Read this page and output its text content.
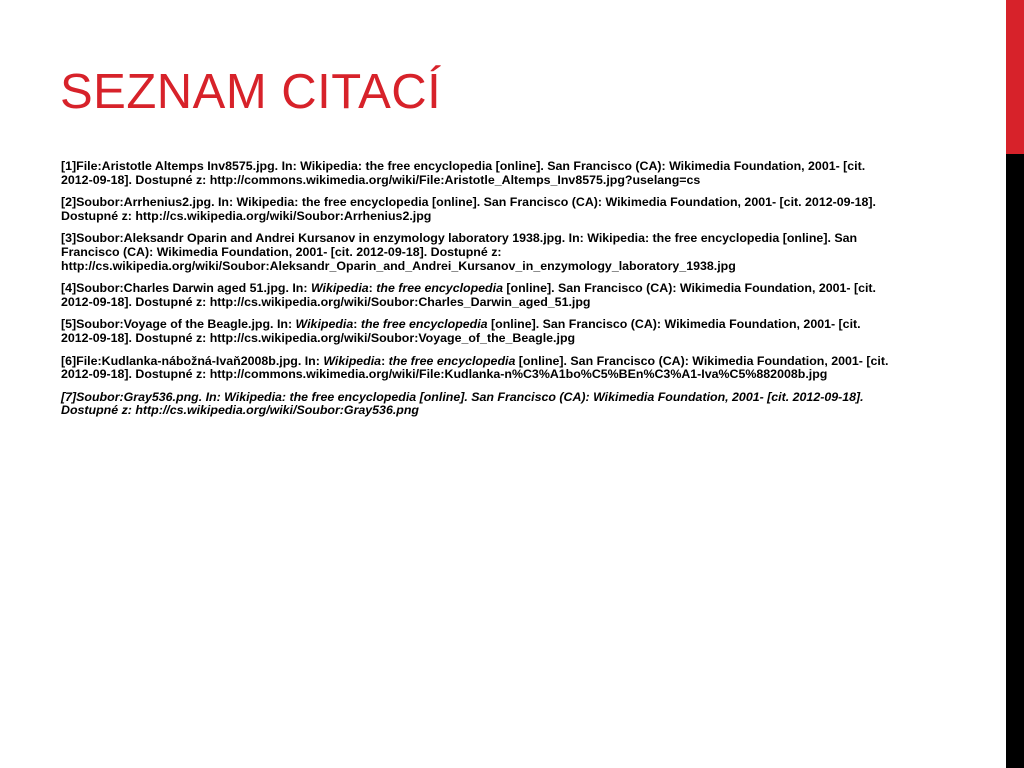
SEZNAM CITACÍ

[1]File:Aristotle Altemps Inv8575.jpg. In: Wikipedia: the free encyclopedia [online]. San Francisco (CA): Wikimedia Foundation, 2001- [cit. 2012-09-18]. Dostupné z: http://commons.wikimedia.org/wiki/File:Aristotle_Altemps_Inv8575.jpg?uselang=cs

[2]Soubor:Arrhenius2.jpg. In: Wikipedia: the free encyclopedia [online]. San Francisco (CA): Wikimedia Foundation, 2001- [cit. 2012-09-18]. Dostupné z: http://cs.wikipedia.org/wiki/Soubor:Arrhenius2.jpg

[3]Soubor:Aleksandr Oparin and Andrei Kursanov in enzymology laboratory 1938.jpg. In: Wikipedia: the free encyclopedia [online]. San Francisco (CA): Wikimedia Foundation, 2001- [cit. 2012-09-18]. Dostupné z: http://cs.wikipedia.org/wiki/Soubor:Aleksandr_Oparin_and_Andrei_Kursanov_in_enzymology_laboratory_1938.jpg

[4]Soubor:Charles Darwin aged 51.jpg. In: Wikipedia: the free encyclopedia [online]. San Francisco (CA): Wikimedia Foundation, 2001- [cit. 2012-09-18]. Dostupné z: http://cs.wikipedia.org/wiki/Soubor:Charles_Darwin_aged_51.jpg

[5]Soubor:Voyage of the Beagle.jpg. In: Wikipedia: the free encyclopedia [online]. San Francisco (CA): Wikimedia Foundation, 2001- [cit. 2012-09-18]. Dostupné z: http://cs.wikipedia.org/wiki/Soubor:Voyage_of_the_Beagle.jpg

[6]File:Kudlanka-nábožná-Ivaň2008b.jpg. In: Wikipedia: the free encyclopedia [online]. San Francisco (CA): Wikimedia Foundation, 2001- [cit. 2012-09-18]. Dostupné z: http://commons.wikimedia.org/wiki/File:Kudlanka-n%C3%A1bo%C5%BEn%C3%A1-Iva%C5%882008b.jpg

[7]Soubor:Gray536.png. In: Wikipedia: the free encyclopedia [online]. San Francisco (CA): Wikimedia Foundation, 2001- [cit. 2012-09-18]. Dostupné z: http://cs.wikipedia.org/wiki/Soubor:Gray536.png
